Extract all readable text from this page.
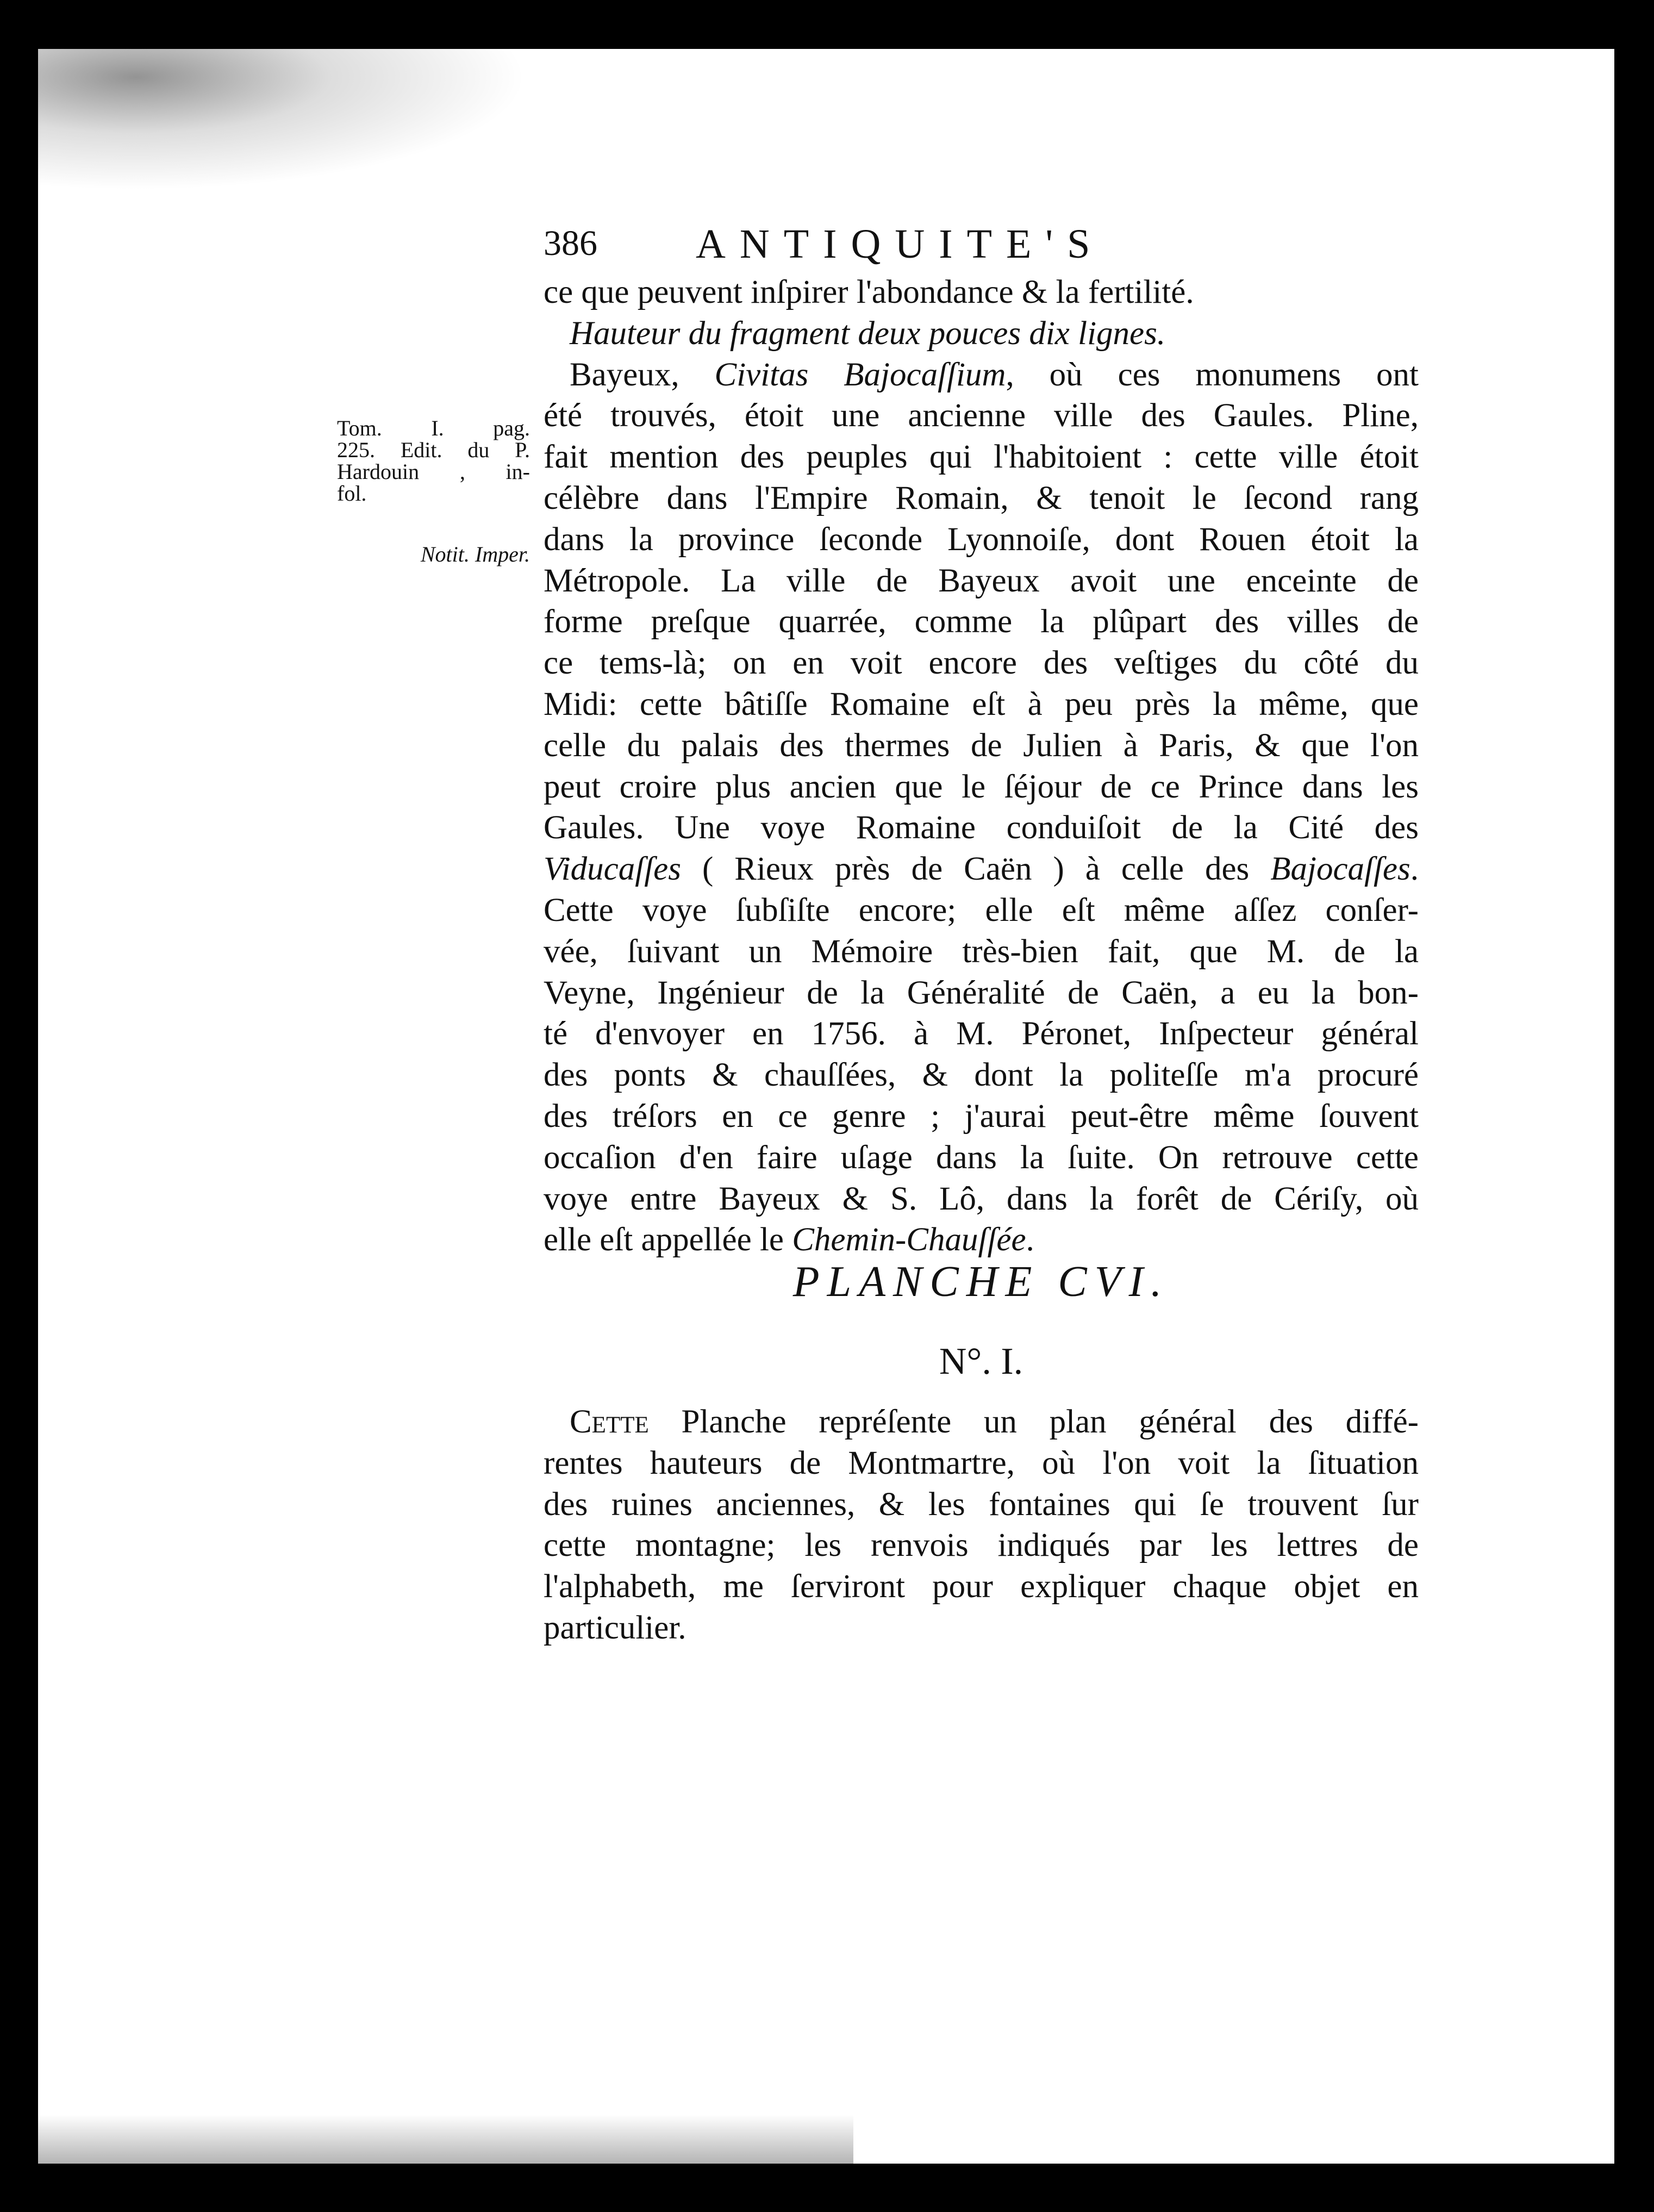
386 ANTIQUITE'S
Tom. I. pag.
225. Edit. du P.
Hardouin , in-
fol.
Notit. Imper.
ce que peuvent inſpirer l'abondance & la fertilité.
Hauteur du fragment deux pouces dix lignes.
Bayeux, Civitas Bajocaſſium, où ces monumens ont
été trouvés, étoit une ancienne ville des Gaules. Pline,
fait mention des peuples qui l'habitoient : cette ville étoit
célèbre dans l'Empire Romain, & tenoit le ſecond rang
dans la province ſeconde Lyonnoiſe, dont Rouen étoit la
Métropole. La ville de Bayeux avoit une enceinte de
forme preſque quarrée, comme la plûpart des villes de
ce tems-là; on en voit encore des veſtiges du côté du
Midi: cette bâtiſſe Romaine eſt à peu près la même, que
celle du palais des thermes de Julien à Paris, & que l'on
peut croire plus ancien que le ſéjour de ce Prince dans les
Gaules. Une voye Romaine conduiſoit de la Cité des
Viducaſſes ( Rieux près de Caën ) à celle des Bajocaſſes.
Cette voye ſubſiſte encore; elle eſt même aſſez conſer-
vée, ſuivant un Mémoire très-bien fait, que M. de la
Veyne, Ingénieur de la Généralité de Caën, a eu la bon-
té d'envoyer en 1756. à M. Péronet, Inſpecteur général
des ponts & chauſſées, & dont la politeſſe m'a procuré
des tréſors en ce genre ; j'aurai peut-être même ſouvent
occaſion d'en faire uſage dans la ſuite. On retrouve cette
voye entre Bayeux & S. Lô, dans la forêt de Cériſy, où
elle eſt appellée le Chemin-Chauſſée.
PLANCHE CVI.
N°. I.
Cette Planche repréſente un plan général des diffé-
rentes hauteurs de Montmartre, où l'on voit la ſituation
des ruines anciennes, & les fontaines qui ſe trouvent ſur
cette montagne; les renvois indiqués par les lettres de
l'alphabeth, me ſerviront pour expliquer chaque objet en
particulier.
